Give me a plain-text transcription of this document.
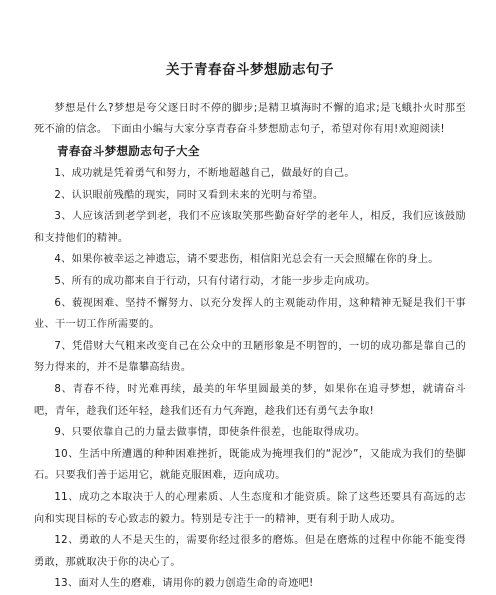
关于青春奋斗梦想励志句子

梦想是什么?梦想是夸父逐日时不停的脚步;是精卫填海时不懈的追求;是飞蛾扑火时那至死不渝的信念。 下面由小编与大家分享青春奋斗梦想励志句子，希望对你有用!欢迎阅读!

青春奋斗梦想励志句子大全
1、成功就是凭着勇气和努力，不断地超越自己，做最好的自己。
2、认识眼前残酷的现实，同时又看到未来的光明与希望。
3、人应该活到老学到老，我们不应该取笑那些勤奋好学的老年人，相反，我们应该鼓励和支持他们的精神。
4、如果你被幸运之神遗忘，请不要悲伤，相信阳光总会有一天会照耀在你的身上。
5、所有的成功都来自于行动，只有付诸行动，才能一步步走向成功。
6、藐视困难、坚持不懈努力、以充分发挥人的主观能动作用，这种精神无疑是我们干事业、干一切工作所需要的。
7、凭借财大气粗来改变自己在公众中的丑陋形象是不明智的，一切的成功都是靠自己的努力得来的，并不是靠攀高结贵。
8、青春不待，时光难再续，最美的年华里圆最美的梦，如果你在追寻梦想，就请奋斗吧，青年，趁我们还年轻，趁我们还有力气奔跑，趁我们还有勇气去争取!
9、只要依靠自己的力量去做事情，即使条件很差，也能取得成功。
10、生活中所遭遇的种种困难挫折，既能成为掩埋我们的“泥沙”，又能成为我们的垫脚石。只要我们善于运用它，就能克服困难，迈向成功。
11、成功之本取决于人的心理素质、人生态度和才能资质。除了这些还要具有高远的志向和实现目标的专心致志的毅力。特别是专注于一的精神，更有利于助人成功。
12、勇敢的人不是天生的，需要你经过很多的磨炼。但是在磨炼的过程中你能不能变得勇敢，那就取决于你的决心了。
13、面对人生的磨难，请用你的毅力创造生命的奇迹吧!
